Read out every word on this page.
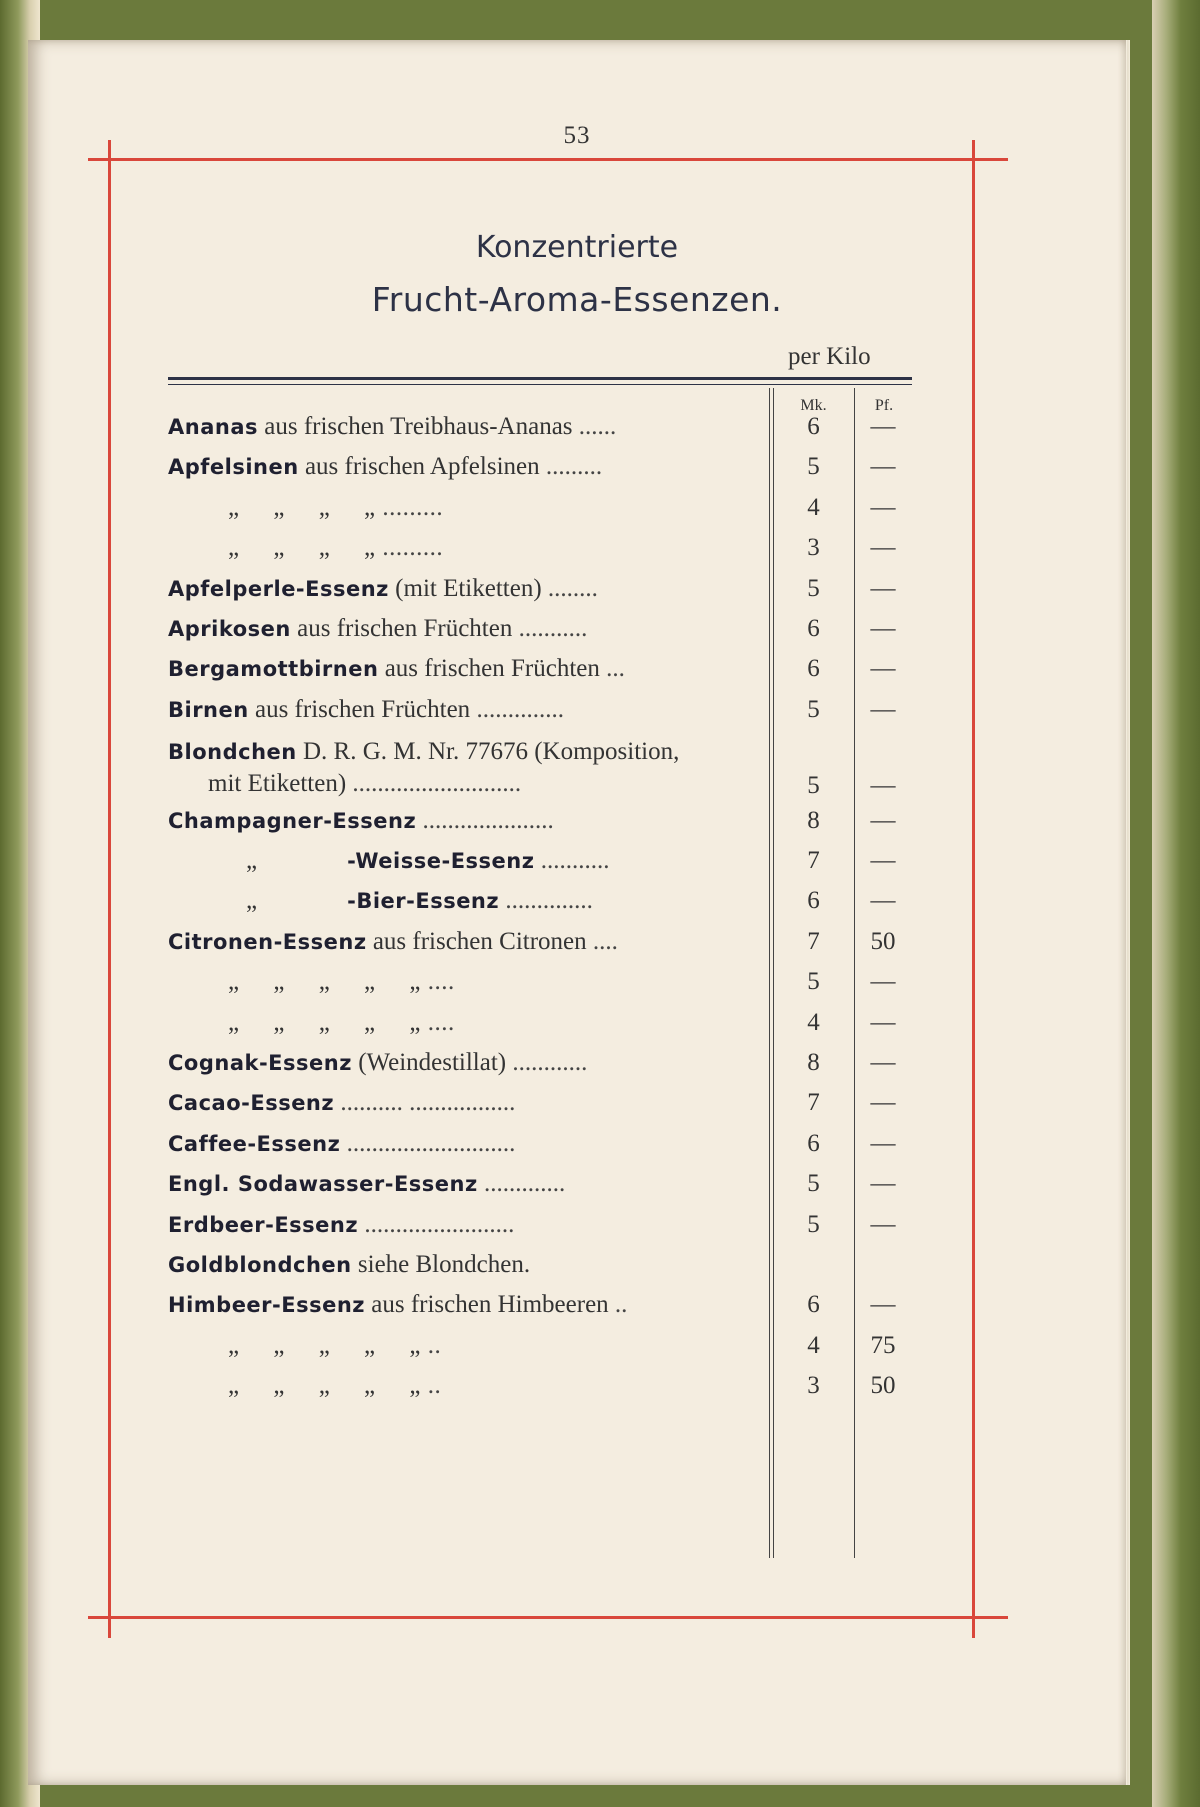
53
Konzentrierte
Frucht-Aroma-Essenzen.
per Kilo
Mk.	Pf.
Ananas aus frischen Treibhaus-Ananas ......	6	—
Apfelsinen aus frischen Apfelsinen .........	5	—
„     „     „     „ .........	4	—
„     „     „     „ .........	3	—
Apfelperle-Essenz (mit Etiketten) ........	5	—
Aprikosen aus frischen Früchten ...........	6	—
Bergamottbirnen aus frischen Früchten ...	6	—
Birnen aus frischen Früchten ..............	5	—
Blondchen D. R. G. M. Nr. 77676 (Komposition,
mit Etiketten) ...........................	5	—
Champagner-Essenz .....................	8	—
„	-Weisse-Essenz ...........	7	—
„	-Bier-Essenz ..............	6	—
Citronen-Essenz aus frischen Citronen ....	7	50
„     „     „     „     „ ....	5	—
„     „     „     „     „ ....	4	—
Cognak-Essenz (Weindestillat) ............	8	—
Cacao-Essenz .......... .................	7	—
Caffee-Essenz ...........................	6	—
Engl. Sodawasser-Essenz .............	5	—
Erdbeer-Essenz ........................	5	—
Goldblondchen siehe Blondchen.
Himbeer-Essenz aus frischen Himbeeren ..	6	—
„     „     „     „     „ ..	4	75
„     „     „     „     „ ..	3	50
